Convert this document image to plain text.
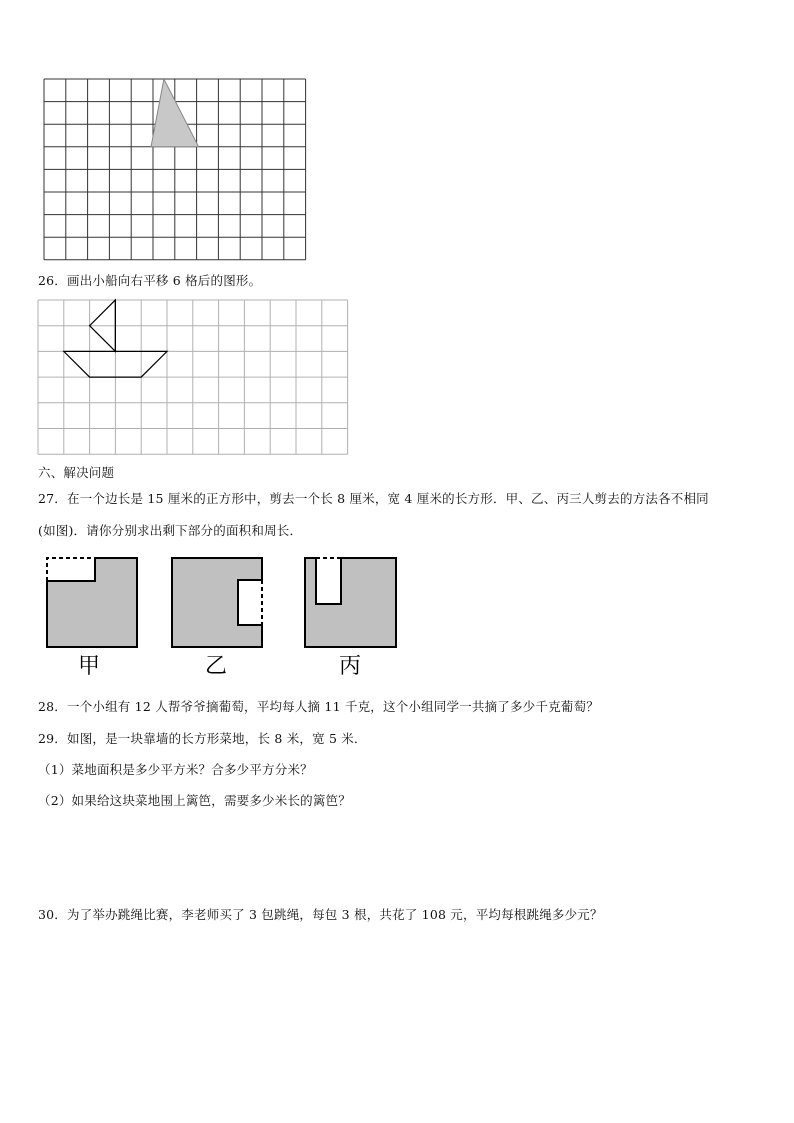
26．画出小船向右平移 6 格后的图形。
六、解决问题
27．在一个边长是 15 厘米的正方形中，剪去一个长 8 厘米，宽 4 厘米的长方形．甲、乙、丙三人剪去的方法各不相同
(如图)．请你分别求出剩下部分的面积和周长．
甲	乙	丙
28．一个小组有 12 人帮爷爷摘葡萄，平均每人摘 11 千克，这个小组同学一共摘了多少千克葡萄？
29．如图，是一块靠墙的长方形菜地，长 8 米，宽 5 米．
（1）菜地面积是多少平方米？合多少平方分米？
（2）如果给这块菜地围上篱笆，需要多少米长的篱笆？
30．为了举办跳绳比赛，李老师买了 3 包跳绳，每包 3 根，共花了 108 元，平均每根跳绳多少元？
